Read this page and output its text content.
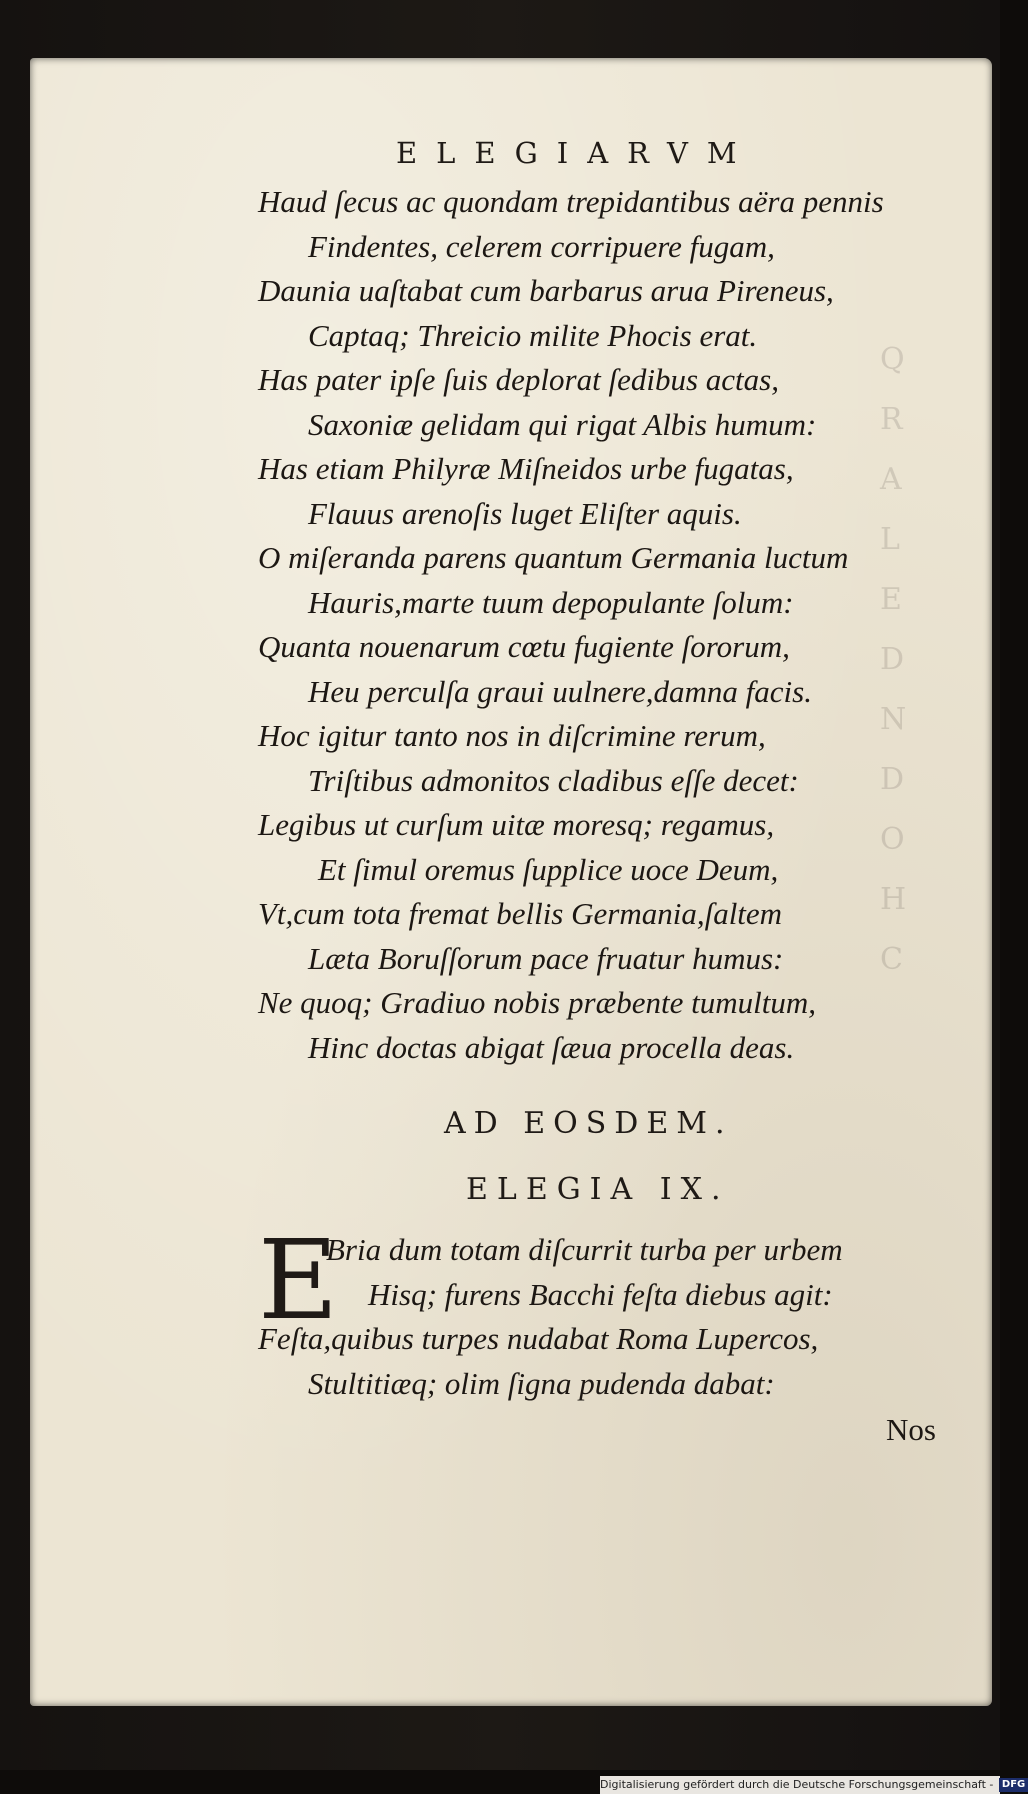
Q
R
A
L
E
D
N
D
O
H
C
ELEGIARVM
Haud ſecus ac quondam trepidantibus aëra pennis
Findentes, celerem corripuere fugam,
Daunia uaſtabat cum barbarus arua Pireneus,
Captaq; Threicio milite Phocis erat.
Has pater ipſe ſuis deplorat ſedibus actas,
Saxoniæ gelidam qui rigat Albis humum:
Has etiam Philyræ Miſneidos urbe fugatas,
Flauus arenoſis luget Eliſter aquis.
O miſeranda parens quantum Germania luctum
Hauris,marte tuum depopulante ſolum:
Quanta nouenarum cœtu fugiente ſororum,
Heu perculſa graui uulnere,damna facis.
Hoc igitur tanto nos in diſcrimine rerum,
Triſtibus admonitos cladibus eſſe decet:
Legibus ut curſum uitæ moresq; regamus,
Et ſimul oremus ſupplice uoce Deum,
Vt,cum tota fremat bellis Germania,ſaltem
Læta Boruſſorum pace fruatur humus:
Ne quoq; Gradiuo nobis præbente tumultum,
Hinc doctas abigat ſæua procella deas.
AD EOSDEM.
ELEGIA IX.
E
Bria dum totam diſcurrit turba per urbem
Hisq; furens Bacchi feſta diebus agit:
Feſta,quibus turpes nudabat Roma Lupercos,
Stultitiæq; olim ſigna pudenda dabat:
Nos
Digitalisierung gefördert durch die Deutsche Forschungsgemeinschaft - DFG
